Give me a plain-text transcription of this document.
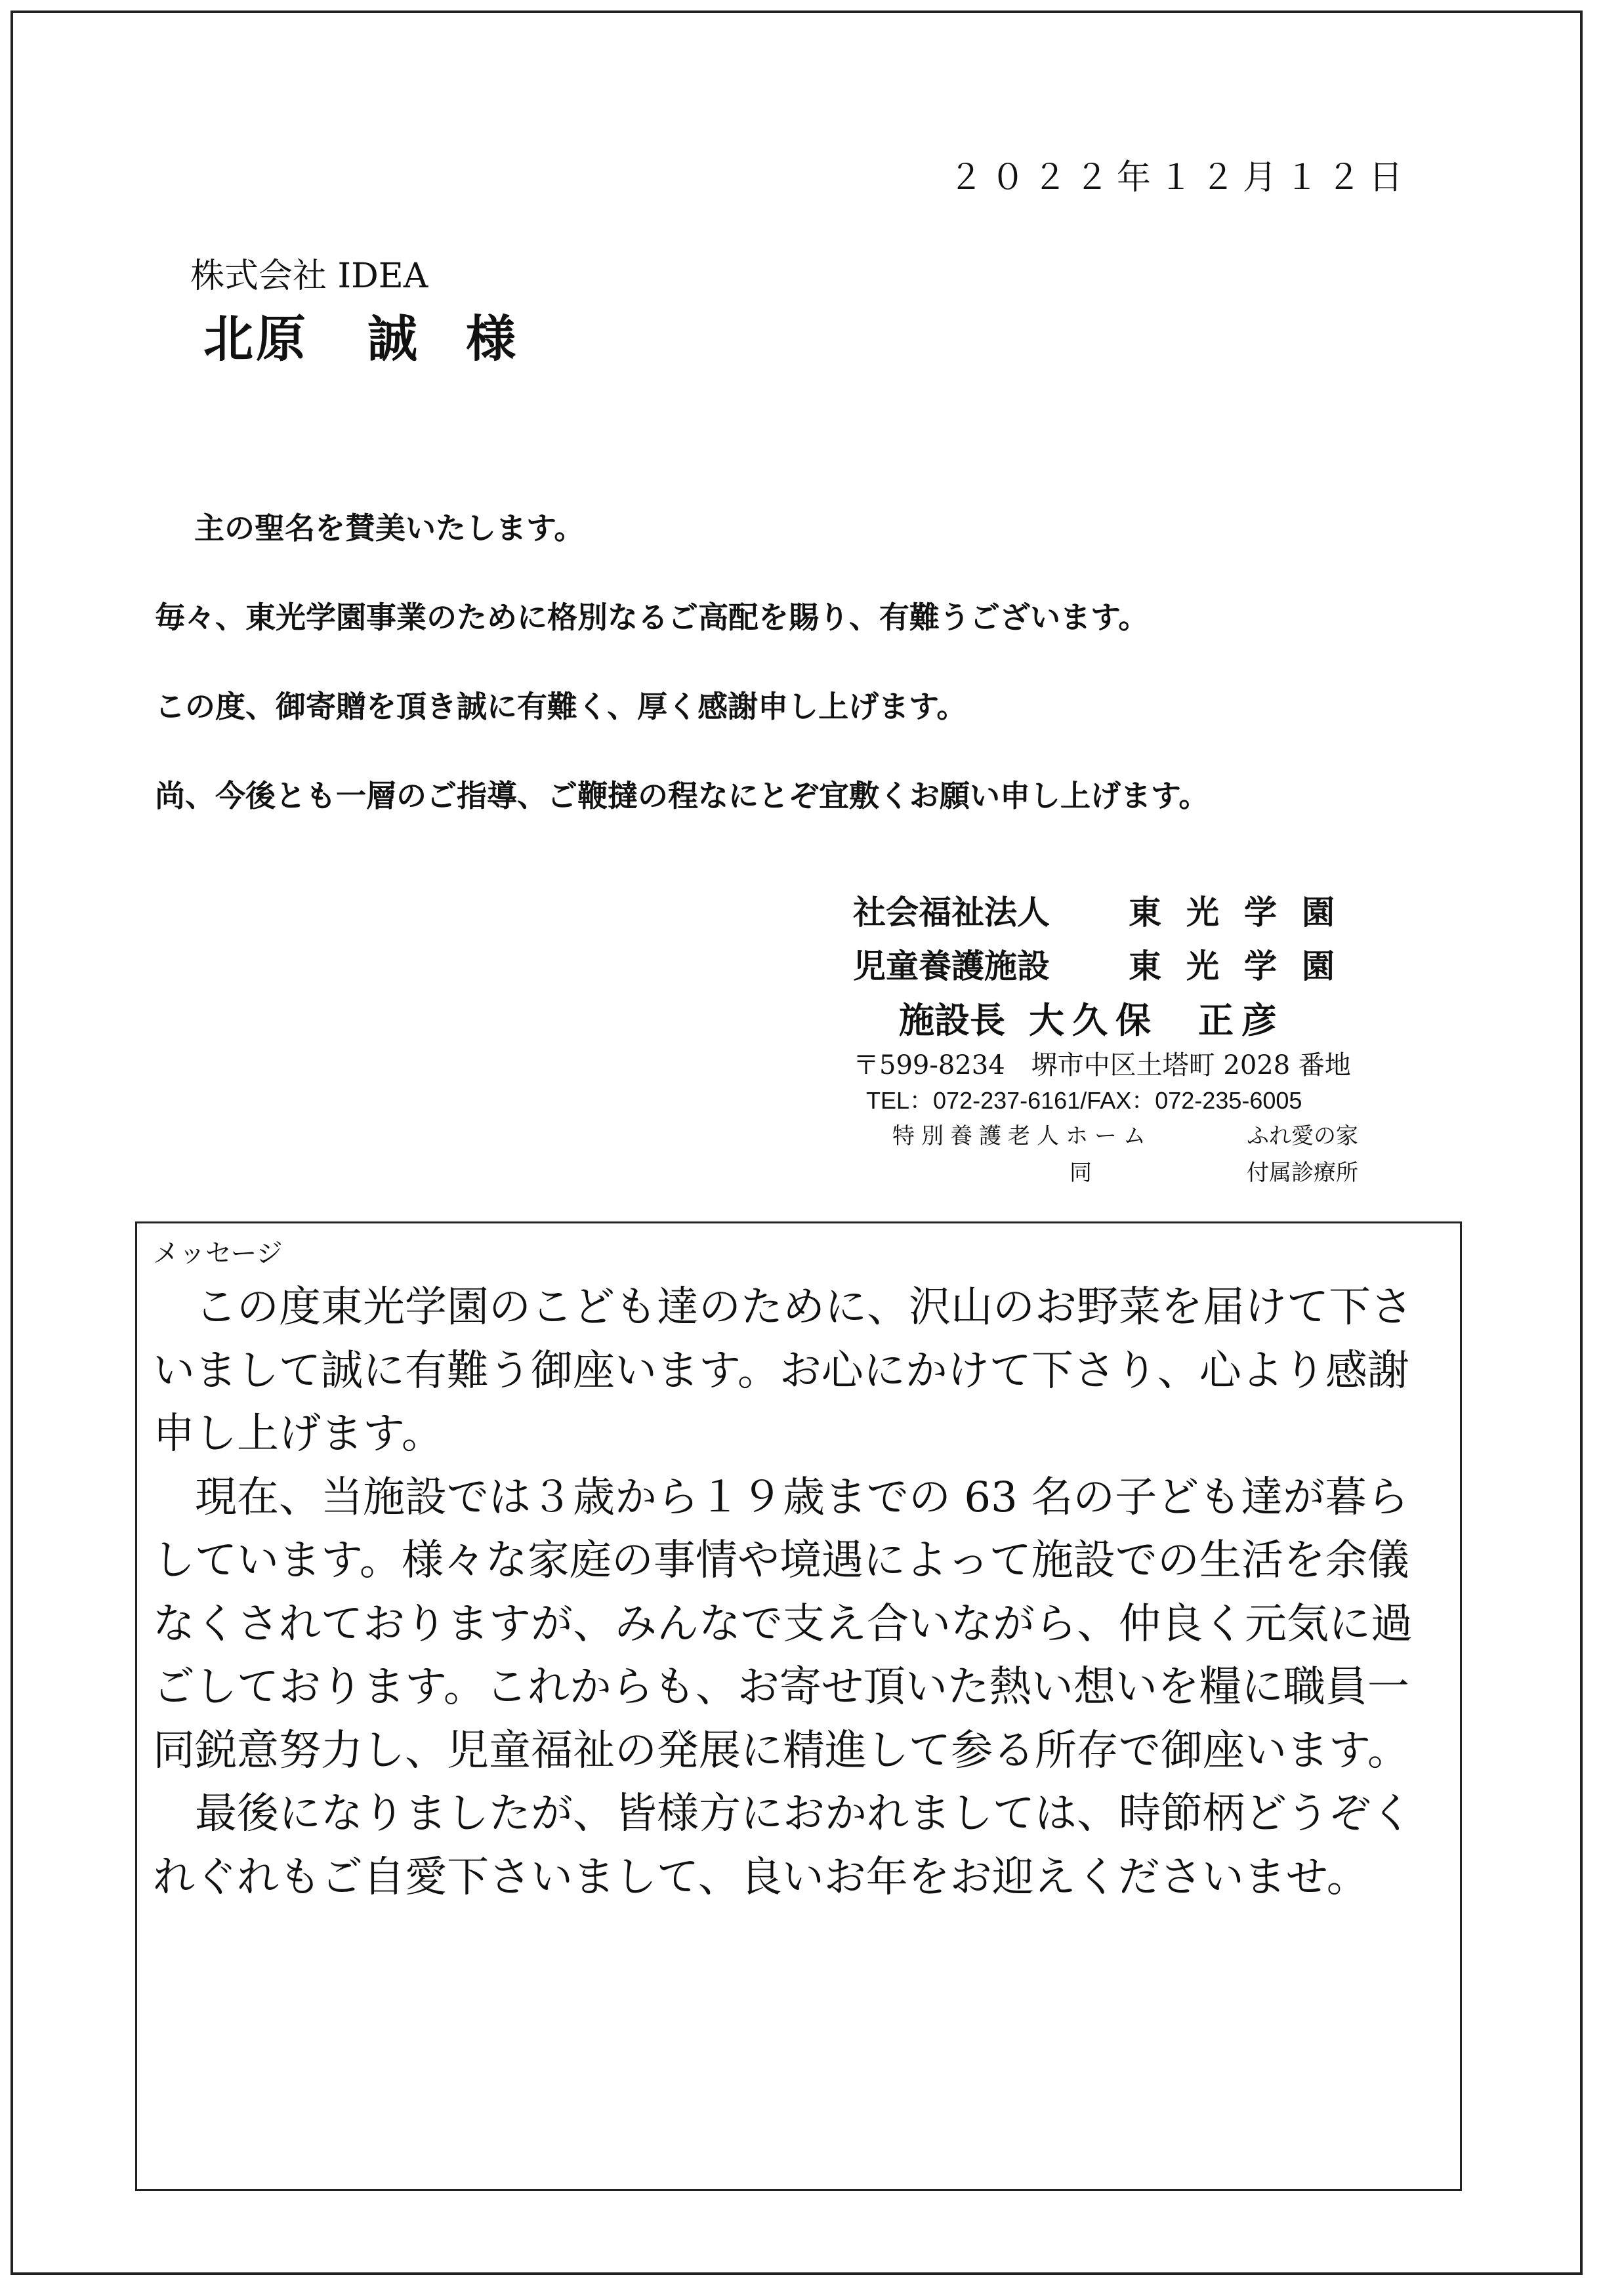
２０２２年１２月１２日
株式会社 IDEA
北原 誠 様

主の聖名を賛美いたします。

毎々、東光学園事業のために格別なるご高配を賜り、有難うございます。

この度、御寄贈を頂き誠に有難く、厚く感謝申し上げます。

尚、今後とも一層のご指導、ご鞭撻の程なにとぞ宜敷くお願い申し上げます。

社会福祉法人	東光学園
児童養護施設	東光学園
施設長 大久保 正彦
〒599-8234　堺市中区土塔町 2028 番地
TEL：072-237-6161/FAX：072-235-6005
特別養護老人ホーム	ふれ愛の家
同	付属診療所
メッセージ

この度東光学園のこども達のために、沢山のお野菜を届けて下さいまして誠に有難う御座います。お心にかけて下さり、心より感謝申し上げます。

現在、当施設では３歳から１９歳までの 63 名の子ども達が暮らしています。様々な家庭の事情や境遇によって施設での生活を余儀なくされておりますが、みんなで支え合いながら、仲良く元気に過ごしております。これからも、お寄せ頂いた熱い想いを糧に職員一同鋭意努力し、児童福祉の発展に精進して参る所存で御座います。

最後になりましたが、皆様方におかれましては、時節柄どうぞくれぐれもご自愛下さいまして、良いお年をお迎えくださいませ。
